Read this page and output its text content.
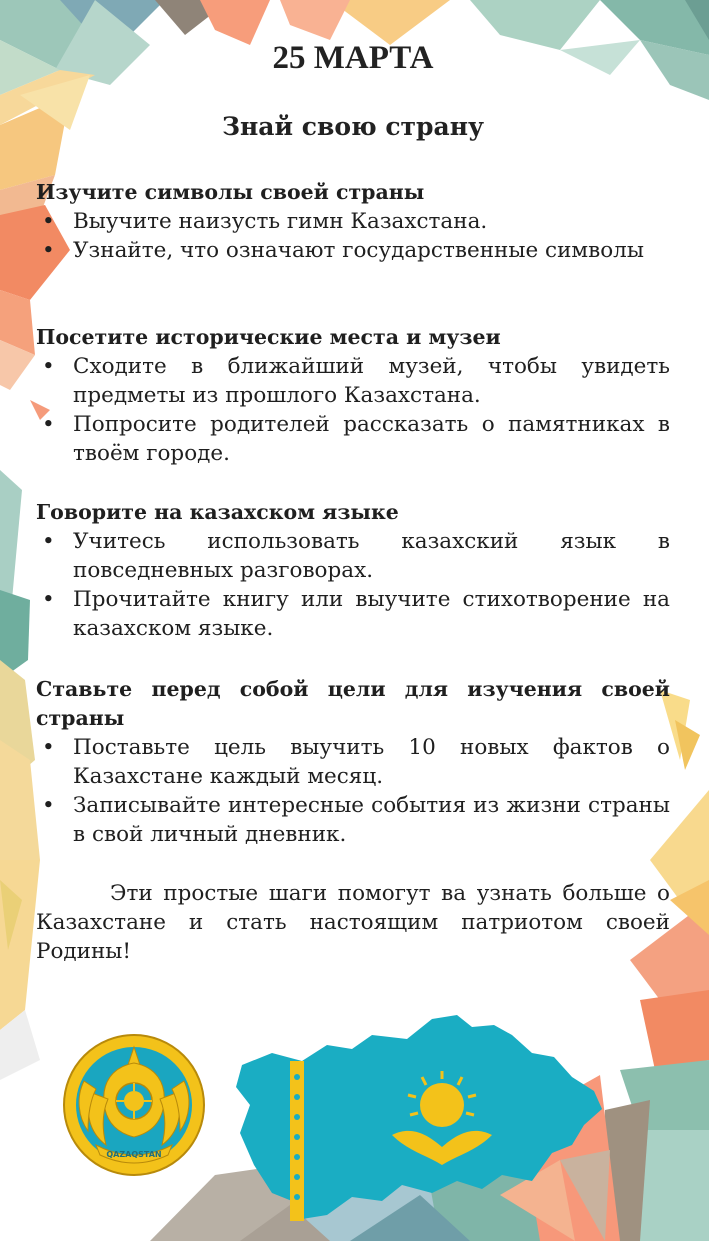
25 МАРТА
Знай свою страну

Изучите символы своей страны

• Выучите наизусть гимн Казахстана.
• Узнайте, что означают государственные символы

Посетите исторические места и музеи

• Сходите в ближайший музей, чтобы увидеть предметы из прошлого Казахстана.
• Попросите родителей рассказать о памятниках в твоём городе.

Говорите на казахском языке

• Учитесь использовать казахский язык в повседневных разговорах.
• Прочитайте книгу или выучите стихотворение на казахском языке.

Ставьте перед собой цели для изучения своей страны

• Поставьте цель выучить 10 новых фактов о Казахстане каждый месяц.
• Записывайте интересные события из жизни страны в свой личный дневник.

Эти простые шаги помогут ва узнать больше о Казахстане и стать настоящим патриотом своей Родины!

QAZAQSTAN
